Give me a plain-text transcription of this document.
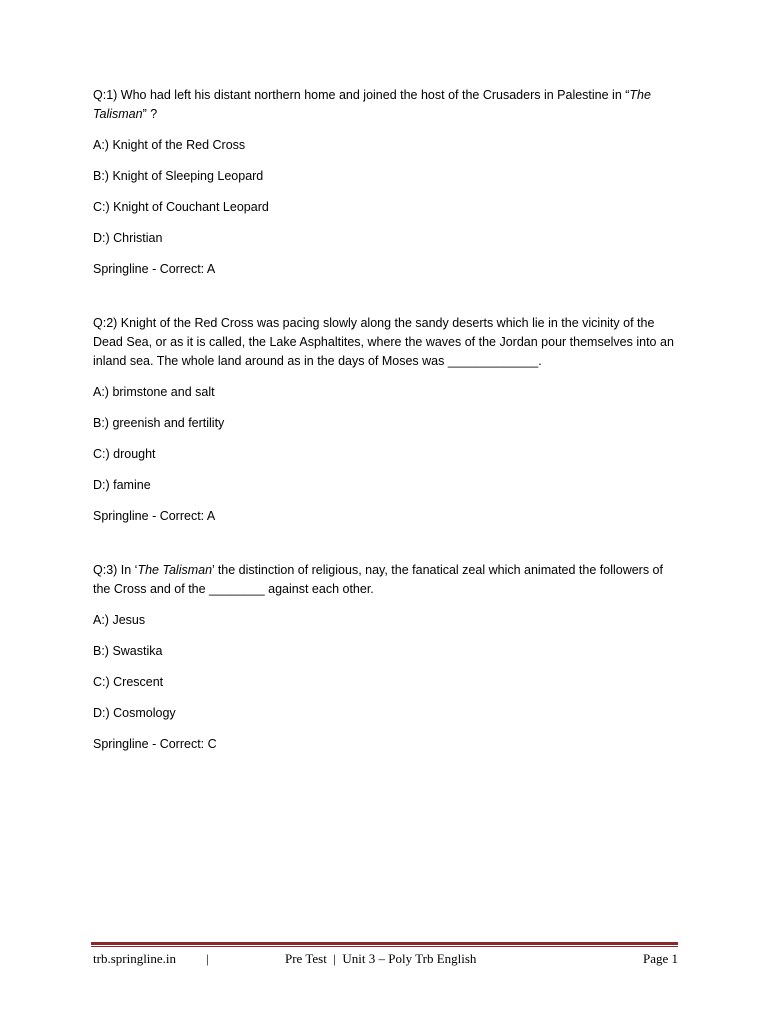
Q:1) Who had left his distant northern home and joined the host of the Crusaders in Palestine in “The Talisman” ?

A:) Knight of the Red Cross

B:) Knight of Sleeping Leopard

C:) Knight of Couchant Leopard

D:) Christian

Springline - Correct: A

Q:2) Knight of the Red Cross was pacing slowly along the sandy deserts which lie in the vicinity of the Dead Sea, or as it is called, the Lake Asphaltites, where the waves of the Jordan pour themselves into an inland sea. The whole land around as in the days of Moses was _____________.

A:) brimstone and salt

B:) greenish and fertility

C:) drought

D:) famine

Springline - Correct: A

Q:3) In ‘The Talisman’ the distinction of religious, nay, the fanatical zeal which animated the followers of the Cross and of the ________ against each other.

A:) Jesus

B:) Swastika

C:) Crescent

D:) Cosmology

Springline - Correct: C

trb.springline.in |	Pre Test  |  Unit 3 – Poly Trb English	Page 1
